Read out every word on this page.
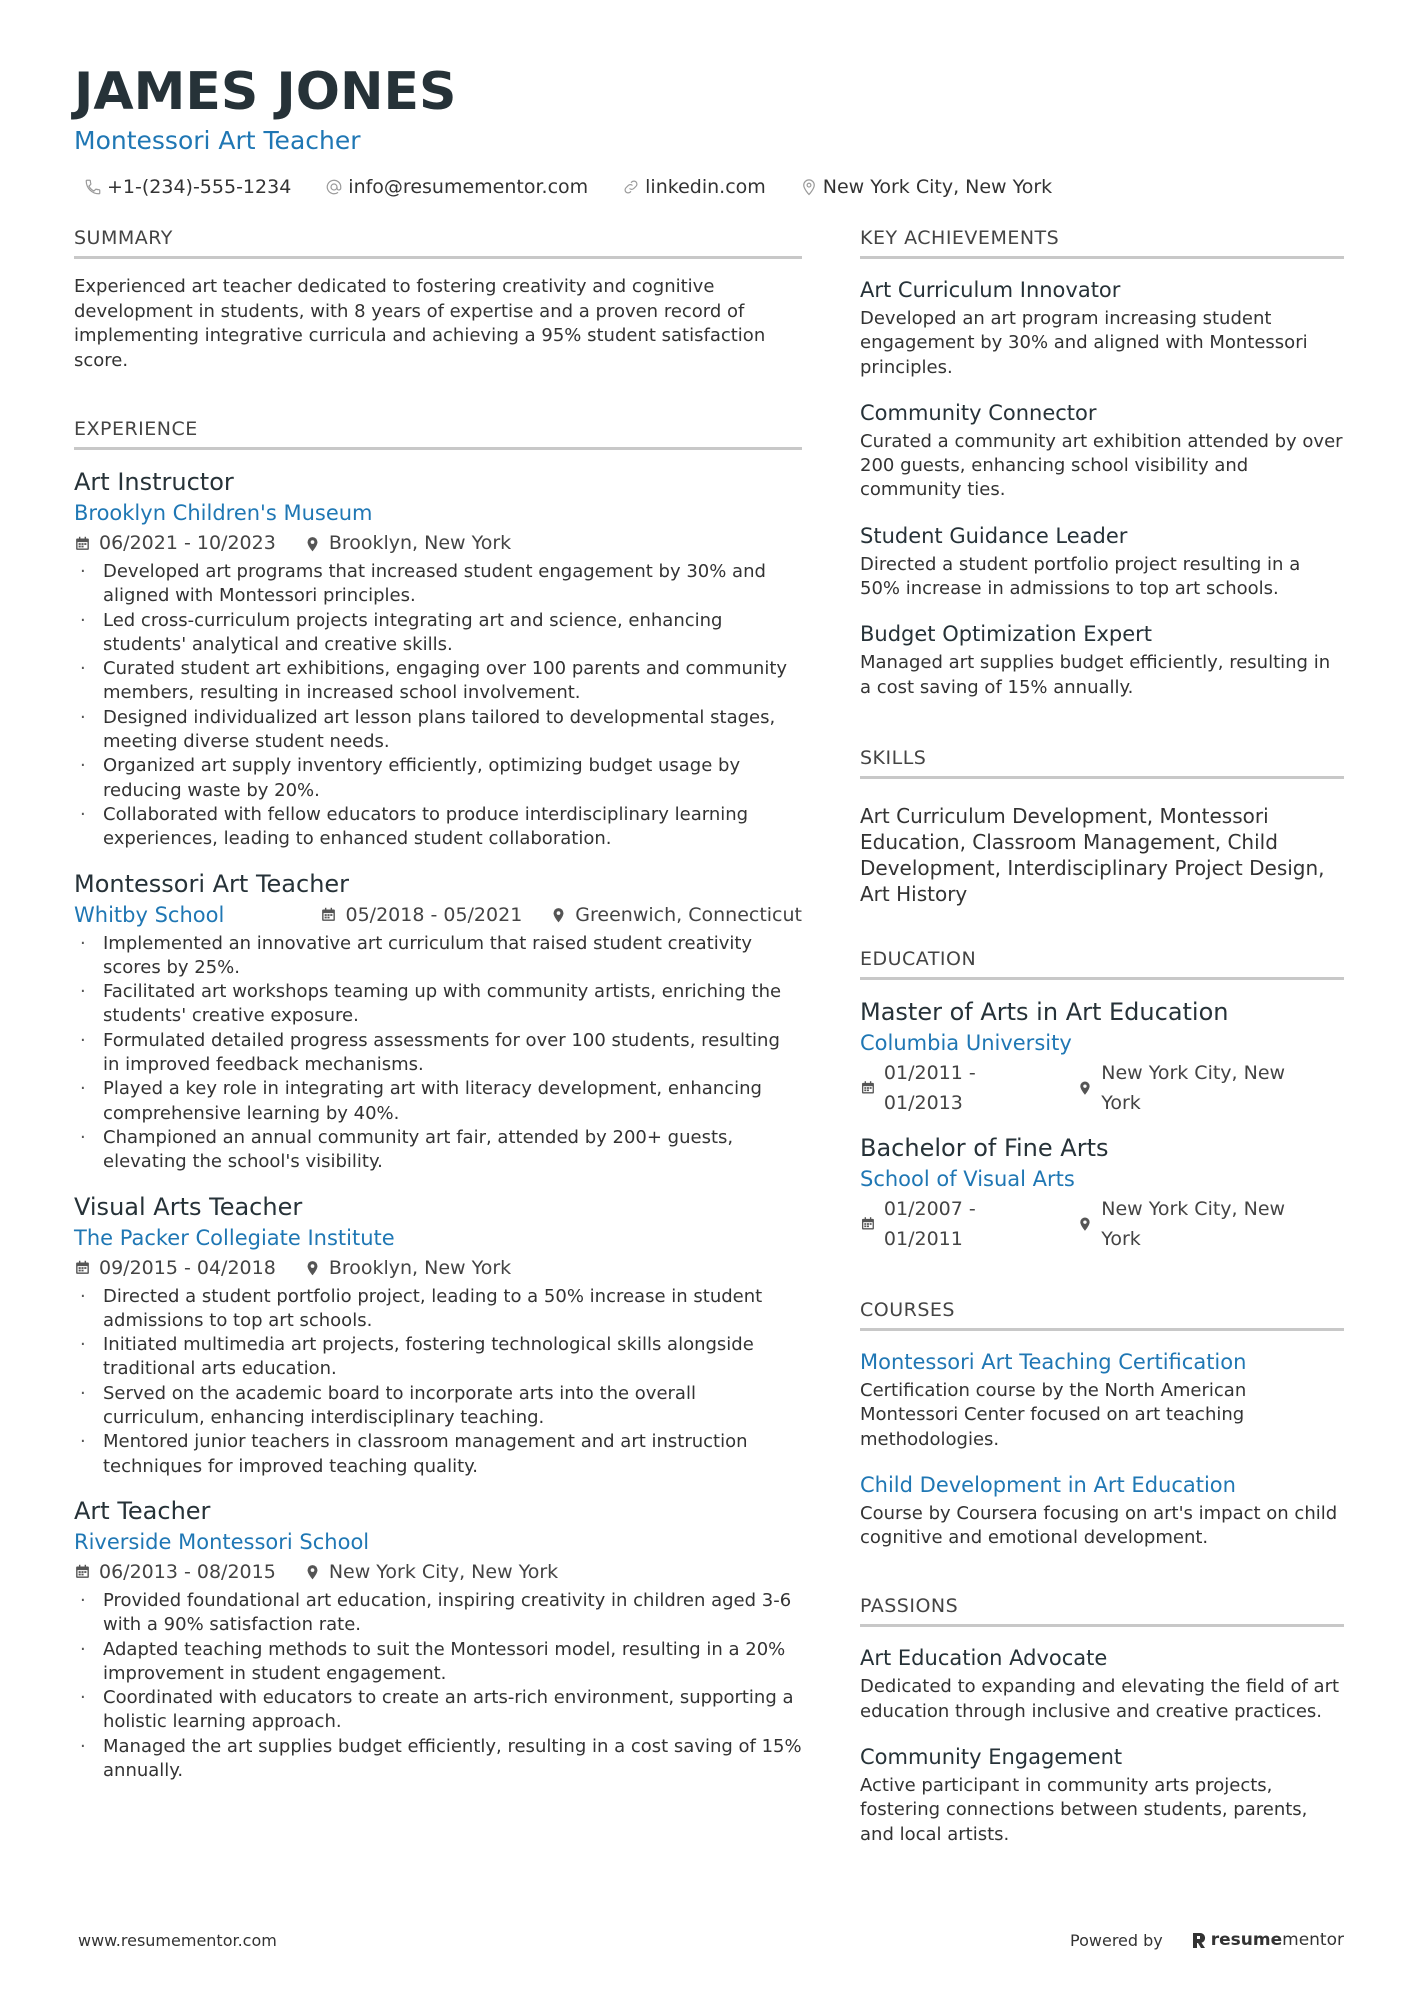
JAMES JONES
Montessori Art Teacher
+1-(234)-555-1234	info@resumementor.com	linkedin.com	New York City, New York
SUMMARY

Experienced art teacher dedicated to fostering creativity and cognitive development in students, with 8 years of expertise and a proven record of implementing integrative curricula and achieving a 95% student satisfaction score.

EXPERIENCE
Art Instructor
Brooklyn Children's Museum
06/2021 - 10/2023	Brooklyn, New York
· Developed art programs that increased student engagement by 30% and aligned with Montessori principles.
· Led cross-curriculum projects integrating art and science, enhancing students' analytical and creative skills.
· Curated student art exhibitions, engaging over 100 parents and community members, resulting in increased school involvement.
· Designed individualized art lesson plans tailored to developmental stages, meeting diverse student needs.
· Organized art supply inventory efficiently, optimizing budget usage by reducing waste by 20%.
· Collaborated with fellow educators to produce interdisciplinary learning experiences, leading to enhanced student collaboration.
Montessori Art Teacher
Whitby School	05/2018 - 05/2021	Greenwich, Connecticut
· Implemented an innovative art curriculum that raised student creativity scores by 25%.
· Facilitated art workshops teaming up with community artists, enriching the students' creative exposure.
· Formulated detailed progress assessments for over 100 students, resulting in improved feedback mechanisms.
· Played a key role in integrating art with literacy development, enhancing comprehensive learning by 40%.
· Championed an annual community art fair, attended by 200+ guests, elevating the school's visibility.
Visual Arts Teacher
The Packer Collegiate Institute
09/2015 - 04/2018	Brooklyn, New York
· Directed a student portfolio project, leading to a 50% increase in student admissions to top art schools.
· Initiated multimedia art projects, fostering technological skills alongside traditional arts education.
· Served on the academic board to incorporate arts into the overall curriculum, enhancing interdisciplinary teaching.
· Mentored junior teachers in classroom management and art instruction techniques for improved teaching quality.
Art Teacher
Riverside Montessori School
06/2013 - 08/2015	New York City, New York
· Provided foundational art education, inspiring creativity in children aged 3-6 with a 90% satisfaction rate.
· Adapted teaching methods to suit the Montessori model, resulting in a 20% improvement in student engagement.
· Coordinated with educators to create an arts-rich environment, supporting a holistic learning approach.
· Managed the art supplies budget efficiently, resulting in a cost saving of 15% annually.
KEY ACHIEVEMENTS
Art Curriculum Innovator
Developed an art program increasing student engagement by 30% and aligned with Montessori principles.
Community Connector
Curated a community art exhibition attended by over 200 guests, enhancing school visibility and community ties.
Student Guidance Leader
Directed a student portfolio project resulting in a 50% increase in admissions to top art schools.
Budget Optimization Expert
Managed art supplies budget efficiently, resulting in a cost saving of 15% annually.
SKILLS

Art Curriculum Development, Montessori Education, Classroom Management, Child Development, Interdisciplinary Project Design, Art History

EDUCATION
Master of Arts in Art Education
Columbia University
01/2011 - 01/2013
New York City, New York
Bachelor of Fine Arts
School of Visual Arts
01/2007 - 01/2011
New York City, New York
COURSES
Montessori Art Teaching Certification
Certification course by the North American Montessori Center focused on art teaching methodologies.
Child Development in Art Education
Course by Coursera focusing on art's impact on child cognitive and emotional development.
PASSIONS
Art Education Advocate
Dedicated to expanding and elevating the field of art education through inclusive and creative practices.
Community Engagement
Active participant in community arts projects, fostering connections between students, parents, and local artists.
www.resumementor.com	Powered by	resume mentor
